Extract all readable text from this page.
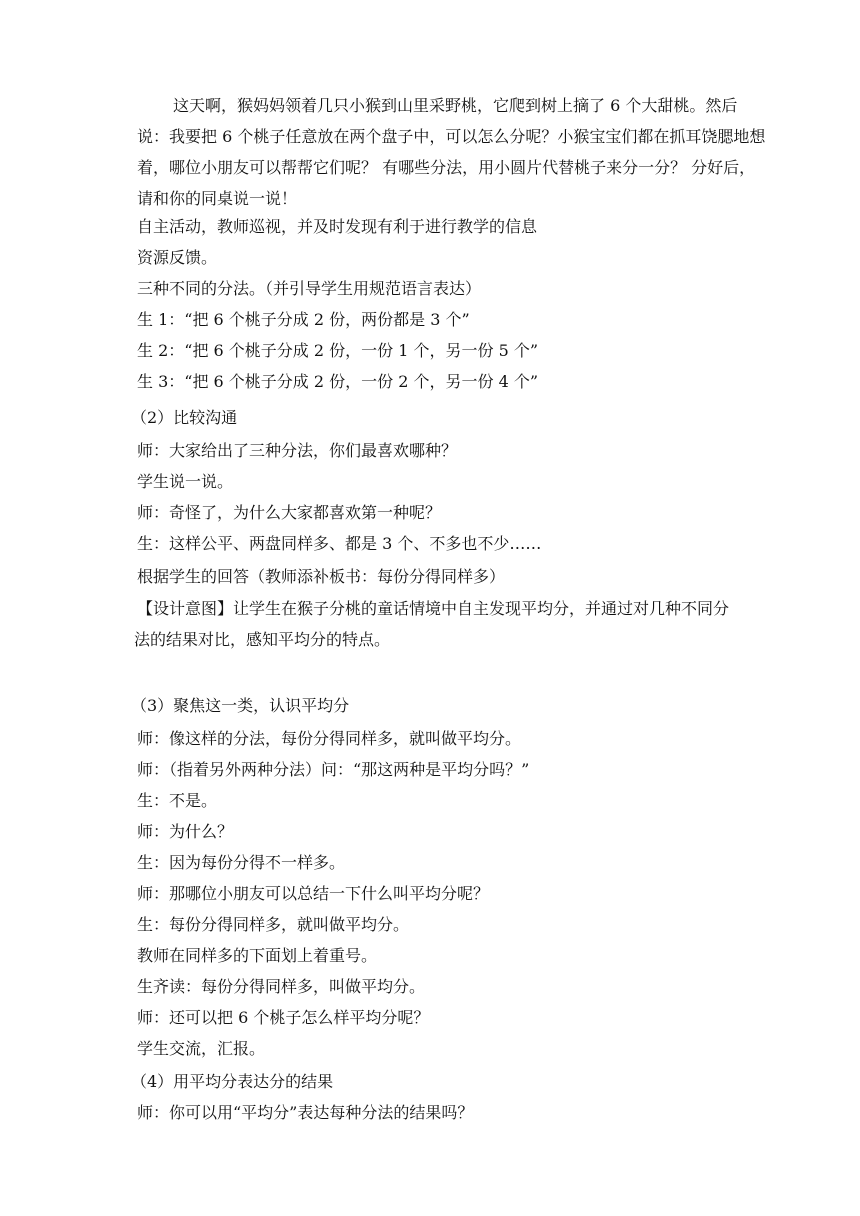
这天啊，猴妈妈领着几只小猴到山里采野桃，它爬到树上摘了 6 个大甜桃。然后
说：我要把 6 个桃子任意放在两个盘子中，可以怎么分呢？小猴宝宝们都在抓耳饶腮地想
着，哪位小朋友可以帮帮它们呢？ 有哪些分法，用小圆片代替桃子来分一分？ 分好后，
请和你的同桌说一说！
自主活动，教师巡视，并及时发现有利于进行教学的信息
资源反馈。
三种不同的分法。（并引导学生用规范语言表达）
生 1：“把 6 个桃子分成 2 份，两份都是 3 个”
生 2：“把 6 个桃子分成 2 份，一份 1 个，另一份 5 个”
生 3：“把 6 个桃子分成 2 份，一份 2 个，另一份 4 个”
（2）比较沟通
师：大家给出了三种分法，你们最喜欢哪种？
学生说一说。
师：奇怪了，为什么大家都喜欢第一种呢？
生：这样公平、两盘同样多、都是 3 个、不多也不少……
根据学生的回答（教师添补板书：每份分得同样多）
【设计意图】让学生在猴子分桃的童话情境中自主发现平均分，并通过对几种不同分
法的结果对比，感知平均分的特点。
（3）聚焦这一类，认识平均分
师：像这样的分法，每份分得同样多，就叫做平均分。
师：（指着另外两种分法）问：“那这两种是平均分吗？”
生：不是。
师：为什么？
生：因为每份分得不一样多。
师：那哪位小朋友可以总结一下什么叫平均分呢？
生：每份分得同样多，就叫做平均分。
教师在同样多的下面划上着重号。
生齐读：每份分得同样多，叫做平均分。
师：还可以把 6 个桃子怎么样平均分呢？
学生交流，汇报。
（4）用平均分表达分的结果
师：你可以用“平均分”表达每种分法的结果吗？
